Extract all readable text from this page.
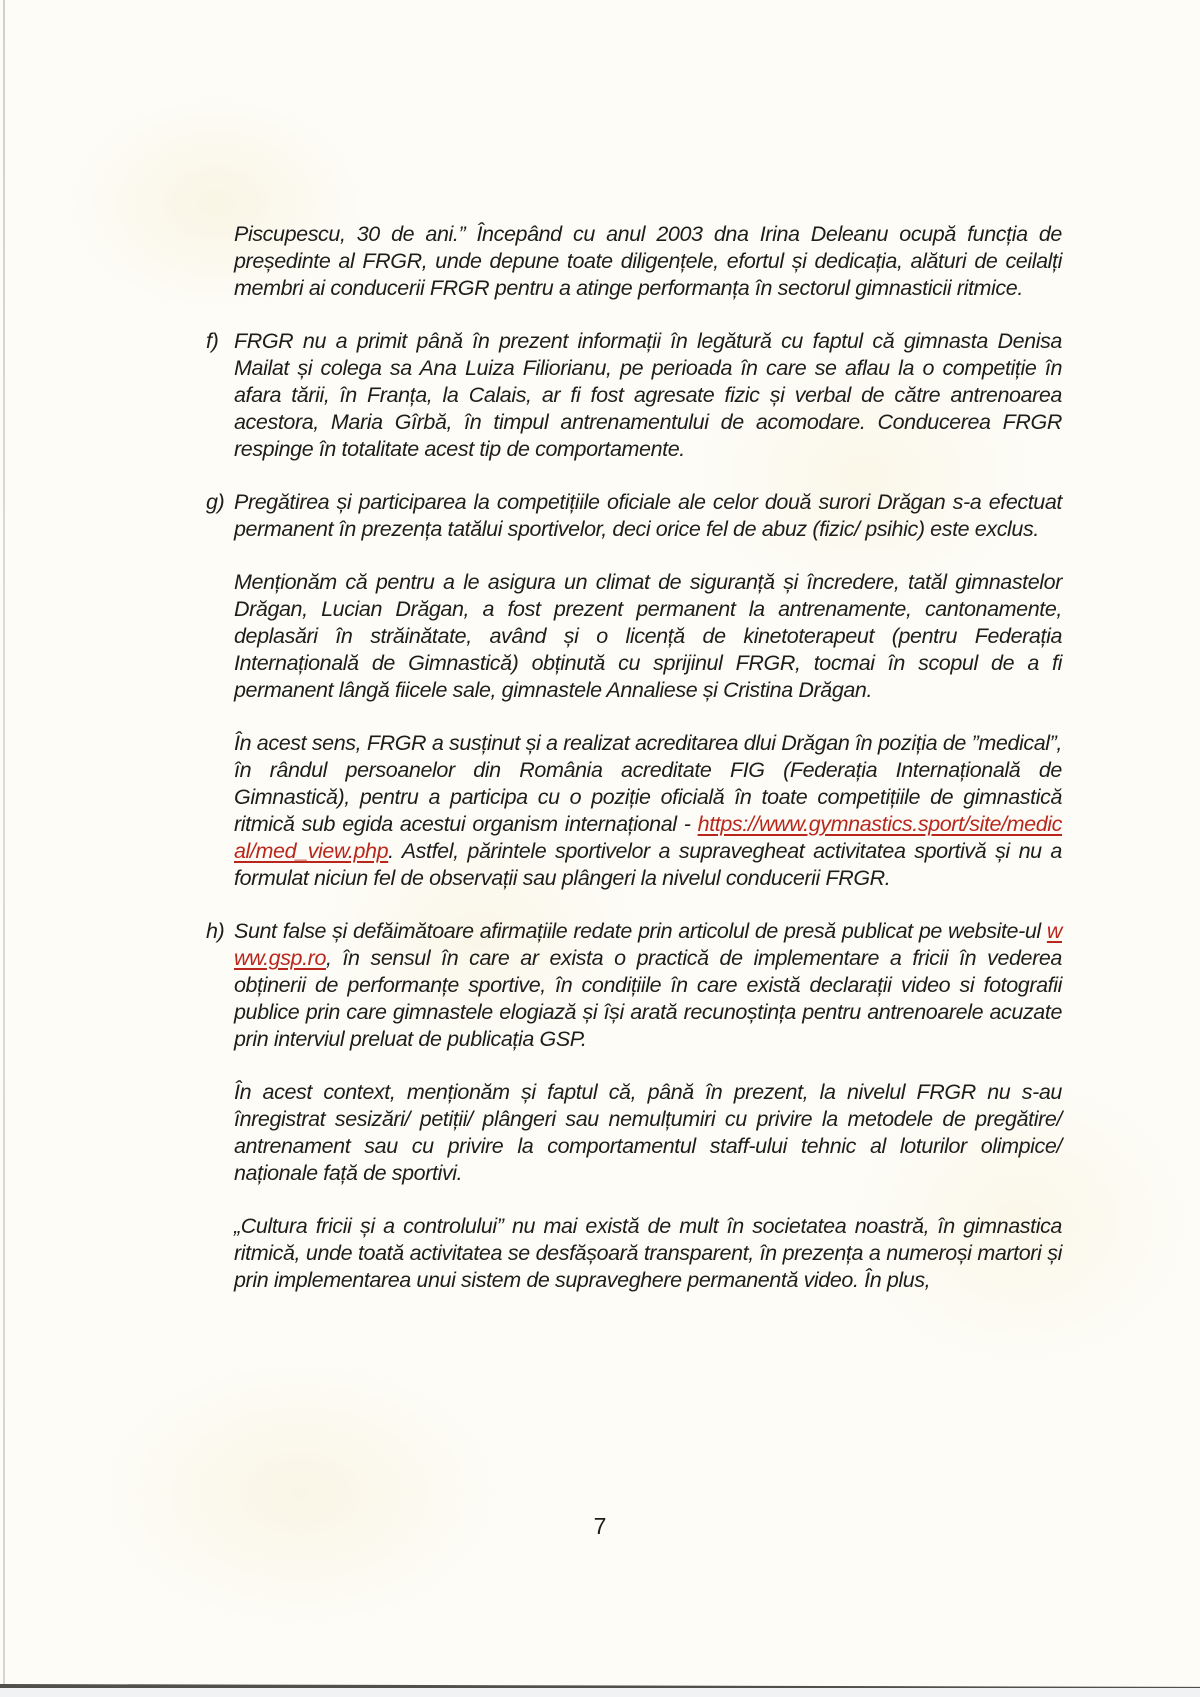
Piscupescu, 30 de ani.” Începând cu anul 2003 dna Irina Deleanu ocupă funcția de președinte al FRGR, unde depune toate diligențele, efortul și dedicația, alături de ceilalți membri ai conducerii FRGR pentru a atinge performanța în sectorul gimnasticii ritmice.

f) FRGR nu a primit până în prezent informații în legătură cu faptul că gimnasta Denisa Mailat și colega sa Ana Luiza Filiorianu, pe perioada în care se aflau la o competiție în afara tării, în Franța, la Calais, ar fi fost agresate fizic și verbal de către antrenoarea acestora, Maria Gîrbă, în timpul antrenamentului de acomodare. Conducerea FRGR respinge în totalitate acest tip de comportamente.

g) Pregătirea și participarea la competițiile oficiale ale celor două surori Drăgan s-a efectuat permanent în prezența tatălui sportivelor, deci orice fel de abuz (fizic/ psihic) este exclus.

Menționăm că pentru a le asigura un climat de siguranță și încredere, tatăl gimnastelor Drăgan, Lucian Drăgan, a fost prezent permanent la antrenamente, cantonamente, deplasări în străinătate, având și o licență de kinetoterapeut (pentru Federația Internațională de Gimnastică) obținută cu sprijinul FRGR, tocmai în scopul de a fi permanent lângă fiicele sale, gimnastele Annaliese și Cristina Drăgan.

În acest sens, FRGR a susținut și a realizat acreditarea dlui Drăgan în poziția de ”medical”, în rândul persoanelor din România acreditate FIG (Federația Internațională de Gimnastică), pentru a participa cu o poziție oficială în toate competițiile de gimnastică ritmică sub egida acestui organism internațional - https://www.gymnastics.sport/site/medical/med_view.php. Astfel, părintele sportivelor a supravegheat activitatea sportivă și nu a formulat niciun fel de observații sau plângeri la nivelul conducerii FRGR.

h) Sunt false și defăimătoare afirmațiile redate prin articolul de presă publicat pe website-ul www.gsp.ro, în sensul în care ar exista o practică de implementare a fricii în vederea obținerii de performanțe sportive, în condițiile în care există declarații video si fotografii publice prin care gimnastele elogiază și își arată recunoștința pentru antrenoarele acuzate prin interviul preluat de publicația GSP.

În acest context, menționăm și faptul că, până în prezent, la nivelul FRGR nu s-au înregistrat sesizări/ petiții/ plângeri sau nemulțumiri cu privire la metodele de pregătire/ antrenament sau cu privire la comportamentul staff-ului tehnic al loturilor olimpice/ naționale față de sportivi.

„Cultura fricii și a controlului” nu mai există de mult în societatea noastră, în gimnastica ritmică, unde toată activitatea se desfășoară transparent, în prezența a numeroși martori și prin implementarea unui sistem de supraveghere permanentă video. În plus,

7
